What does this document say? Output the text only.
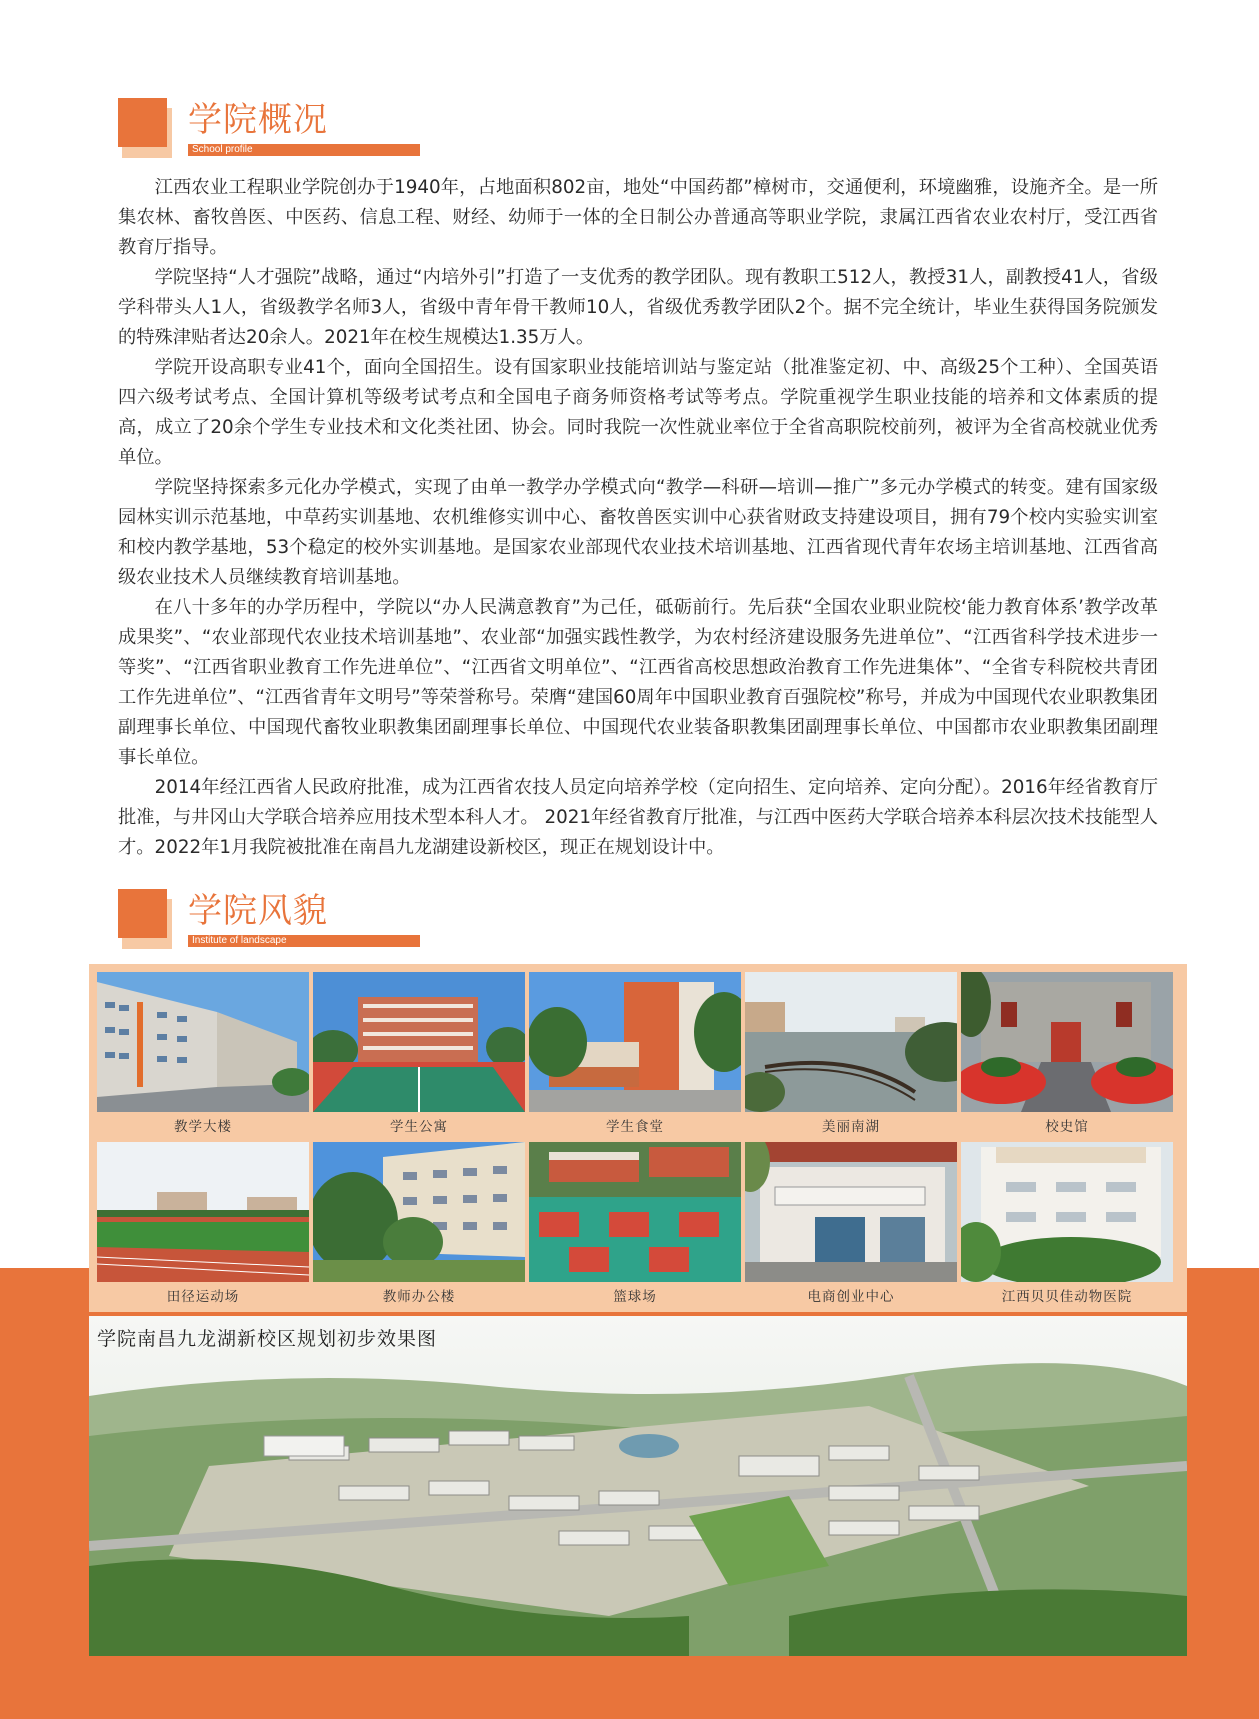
学院概况
School profile

江西农业工程职业学院创办于1940年，占地面积802亩，地处“中国药都”樟树市，交通便利，环境幽雅，设施齐全。是一所集农林、畜牧兽医、中医药、信息工程、财经、幼师于一体的全日制公办普通高等职业学院，隶属江西省农业农村厅，受江西省教育厅指导。

学院坚持“人才强院”战略，通过“内培外引”打造了一支优秀的教学团队。现有教职工512人，教授31人，副教授41人，省级学科带头人1人，省级教学名师3人，省级中青年骨干教师10人，省级优秀教学团队2个。据不完全统计，毕业生获得国务院颁发的特殊津贴者达20余人。2021年在校生规模达1.35万人。

学院开设高职专业41个，面向全国招生。设有国家职业技能培训站与鉴定站（批准鉴定初、中、高级25个工种）、全国英语四六级考试考点、全国计算机等级考试考点和全国电子商务师资格考试等考点。学院重视学生职业技能的培养和文体素质的提高，成立了20余个学生专业技术和文化类社团、协会。同时我院一次性就业率位于全省高职院校前列，被评为全省高校就业优秀单位。

学院坚持探索多元化办学模式，实现了由单一教学办学模式向“教学—科研—培训—推广”多元办学模式的转变。建有国家级园林实训示范基地，中草药实训基地、农机维修实训中心、畜牧兽医实训中心获省财政支持建设项目，拥有79个校内实验实训室和校内教学基地，53个稳定的校外实训基地。是国家农业部现代农业技术培训基地、江西省现代青年农场主培训基地、江西省高级农业技术人员继续教育培训基地。

在八十多年的办学历程中，学院以“办人民满意教育”为己任，砥砺前行。先后获“全国农业职业院校‘能力教育体系’教学改革成果奖”、“农业部现代农业技术培训基地”、农业部“加强实践性教学，为农村经济建设服务先进单位”、“江西省科学技术进步一等奖”、“江西省职业教育工作先进单位”、“江西省文明单位”、“江西省高校思想政治教育工作先进集体”、“全省专科院校共青团工作先进单位”、“江西省青年文明号”等荣誉称号。荣膺“建国60周年中国职业教育百强院校”称号，并成为中国现代农业职教集团副理事长单位、中国现代畜牧业职教集团副理事长单位、中国现代农业装备职教集团副理事长单位、中国都市农业职教集团副理事长单位。

2014年经江西省人民政府批准，成为江西省农技人员定向培养学校（定向招生、定向培养、定向分配）。2016年经省教育厅批准，与井冈山大学联合培养应用技术型本科人才。 2021年经省教育厅批准，与江西中医药大学联合培养本科层次技术技能型人才。2022年1月我院被批准在南昌九龙湖建设新校区，现正在规划设计中。

学院风貌
Institute of landscape
教学大楼	学生公寓	学生食堂	美丽南湖	校史馆
田径运动场	教师办公楼	篮球场	电商创业中心	江西贝贝佳动物医院
学院南昌九龙湖新校区规划初步效果图
